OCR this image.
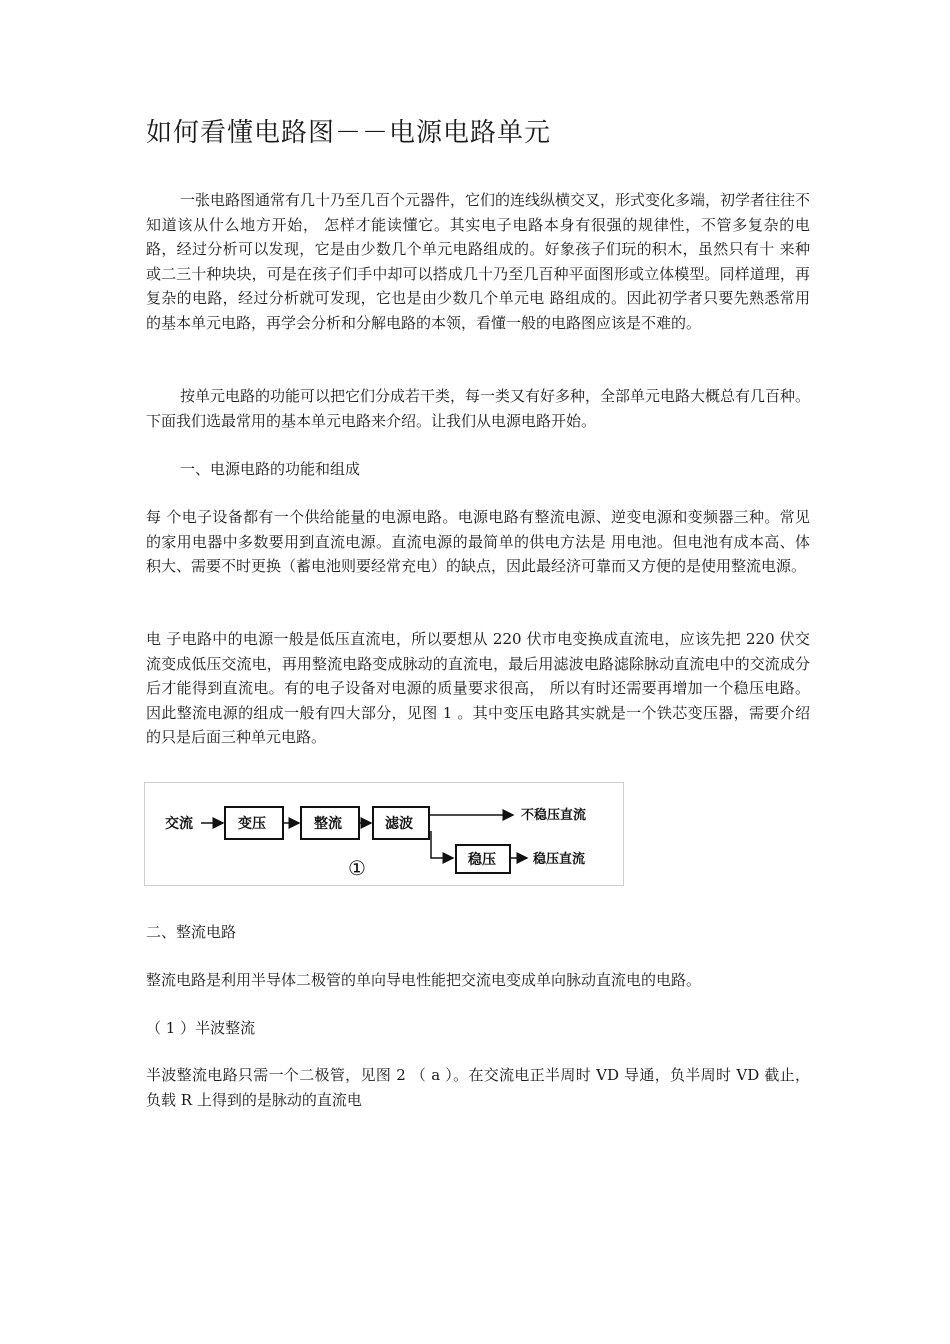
如何看懂电路图－－电源电路单元

一张电路图通常有几十乃至几百个元器件，它们的连线纵横交叉，形式变化多端，初学者往往不知道该从什么地方开始， 怎样才能读懂它。其实电子电路本身有很强的规律性，不管多复杂的电路，经过分析可以发现，它是由少数几个单元电路组成的。好象孩子们玩的积木，虽然只有十 来种或二三十种块块，可是在孩子们手中却可以搭成几十乃至几百种平面图形或立体模型。同样道理，再复杂的电路，经过分析就可发现，它也是由少数几个单元电 路组成的。因此初学者只要先熟悉常用的基本单元电路，再学会分析和分解电路的本领，看懂一般的电路图应该是不难的。

按单元电路的功能可以把它们分成若干类，每一类又有好多种，全部单元电路大概总有几百种。下面我们选最常用的基本单元电路来介绍。让我们从电源电路开始。

一、电源电路的功能和组成

每 个电子设备都有一个供给能量的电源电路。电源电路有整流电源、逆变电源和变频器三种。常见的家用电器中多数要用到直流电源。直流电源的最简单的供电方法是 用电池。但电池有成本高、体积大、需要不时更换（蓄电池则要经常充电）的缺点，因此最经济可靠而又方便的是使用整流电源。

电 子电路中的电源一般是低压直流电，所以要想从 220 伏市电变换成直流电，应该先把 220 伏交流变成低压交流电，再用整流电路变成脉动的直流电，最后用滤波电路滤除脉动直流电中的交流成分后才能得到直流电。有的电子设备对电源的质量要求很高， 所以有时还需要再增加一个稳压电路。因此整流电源的组成一般有四大部分，见图 1 。其中变压电路其实就是一个铁芯变压器，需要介绍的只是后面三种单元电路。

交流	变压	整流	滤波
不稳压直流
稳压	稳压直流
①

二、整流电路

整流电路是利用半导体二极管的单向导电性能把交流电变成单向脉动直流电的电路。

（ 1 ）半波整流

半波整流电路只需一个二极管，见图 2 （ a ）。在交流电正半周时 VD 导通，负半周时 VD 截止，负载 R 上得到的是脉动的直流电
